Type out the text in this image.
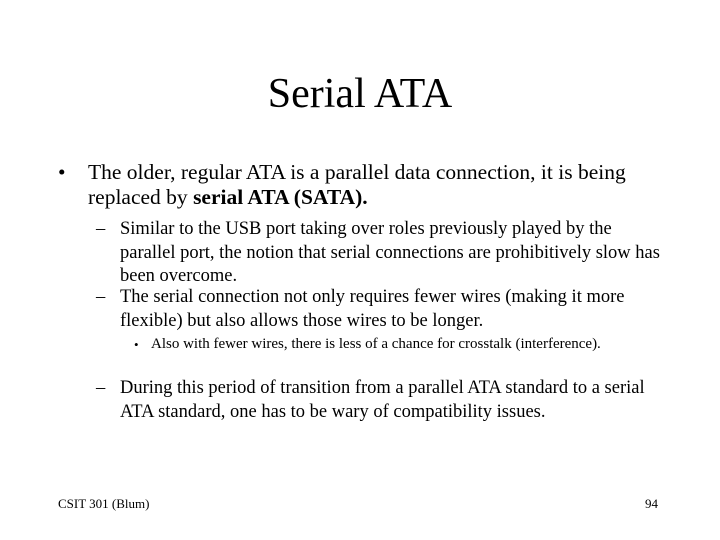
Serial ATA

• The older, regular ATA is a parallel data connection, it is being replaced by serial ATA (SATA).

– Similar to the USB port taking over roles previously played by the parallel port, the notion that serial connections are prohibitively slow has been overcome.

– The serial connection not only requires fewer wires (making it more flexible) but also allows those wires to be longer.

• Also with fewer wires, there is less of a chance for crosstalk (interference).

– During this period of transition from a parallel ATA standard to a serial ATA standard, one has to be wary of compatibility issues.

CSIT 301 (Blum)	94
